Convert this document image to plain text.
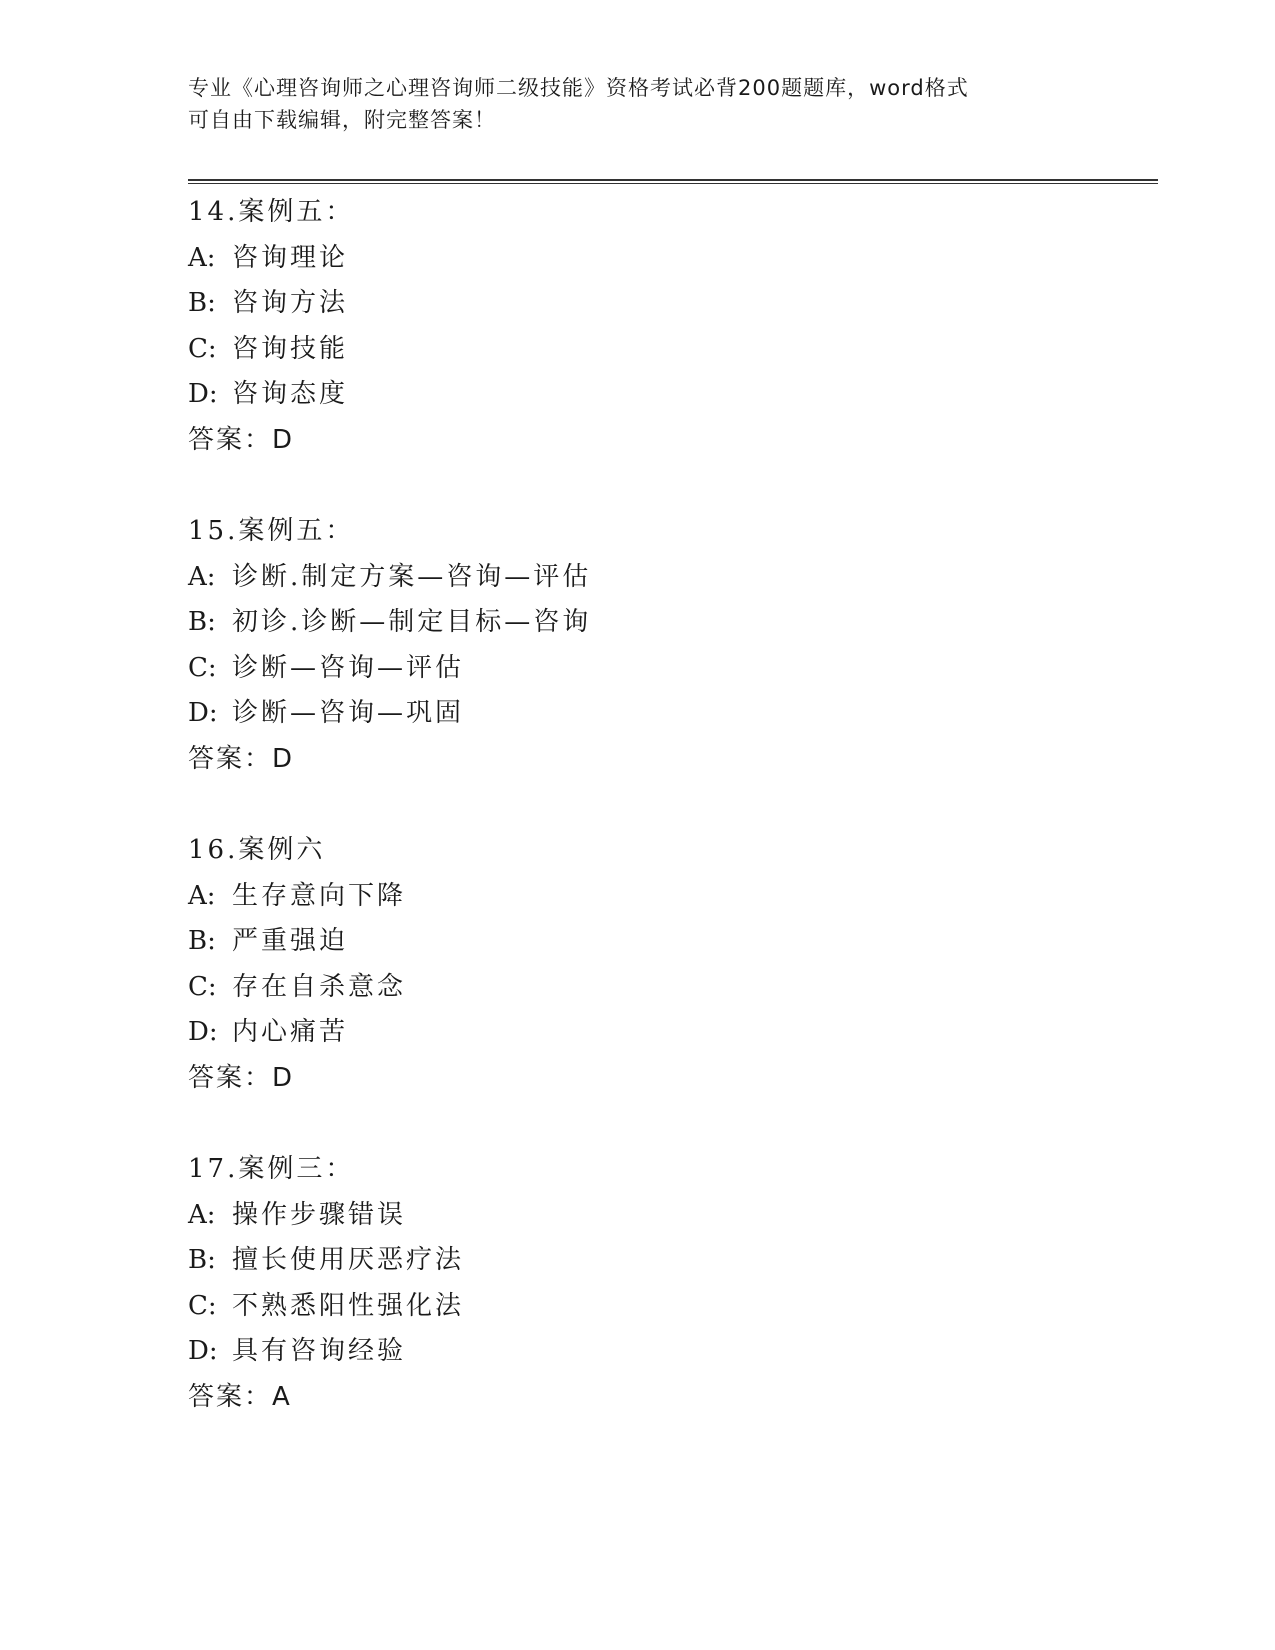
专业《心理咨询师之心理咨询师二级技能》资格考试必背200题题库，word格式
可自由下载编辑，附完整答案！
14.案例五：
A: 咨询理论
B: 咨询方法
C: 咨询技能
D: 咨询态度
答案：D
15.案例五：
A: 诊断.制定方案—咨询—评估
B: 初诊.诊断—制定目标—咨询
C: 诊断—咨询—评估
D: 诊断—咨询—巩固
答案：D
16.案例六
A: 生存意向下降
B: 严重强迫
C: 存在自杀意念
D: 内心痛苦
答案：D
17.案例三：
A: 操作步骤错误
B: 擅长使用厌恶疗法
C: 不熟悉阳性强化法
D: 具有咨询经验
答案：A
